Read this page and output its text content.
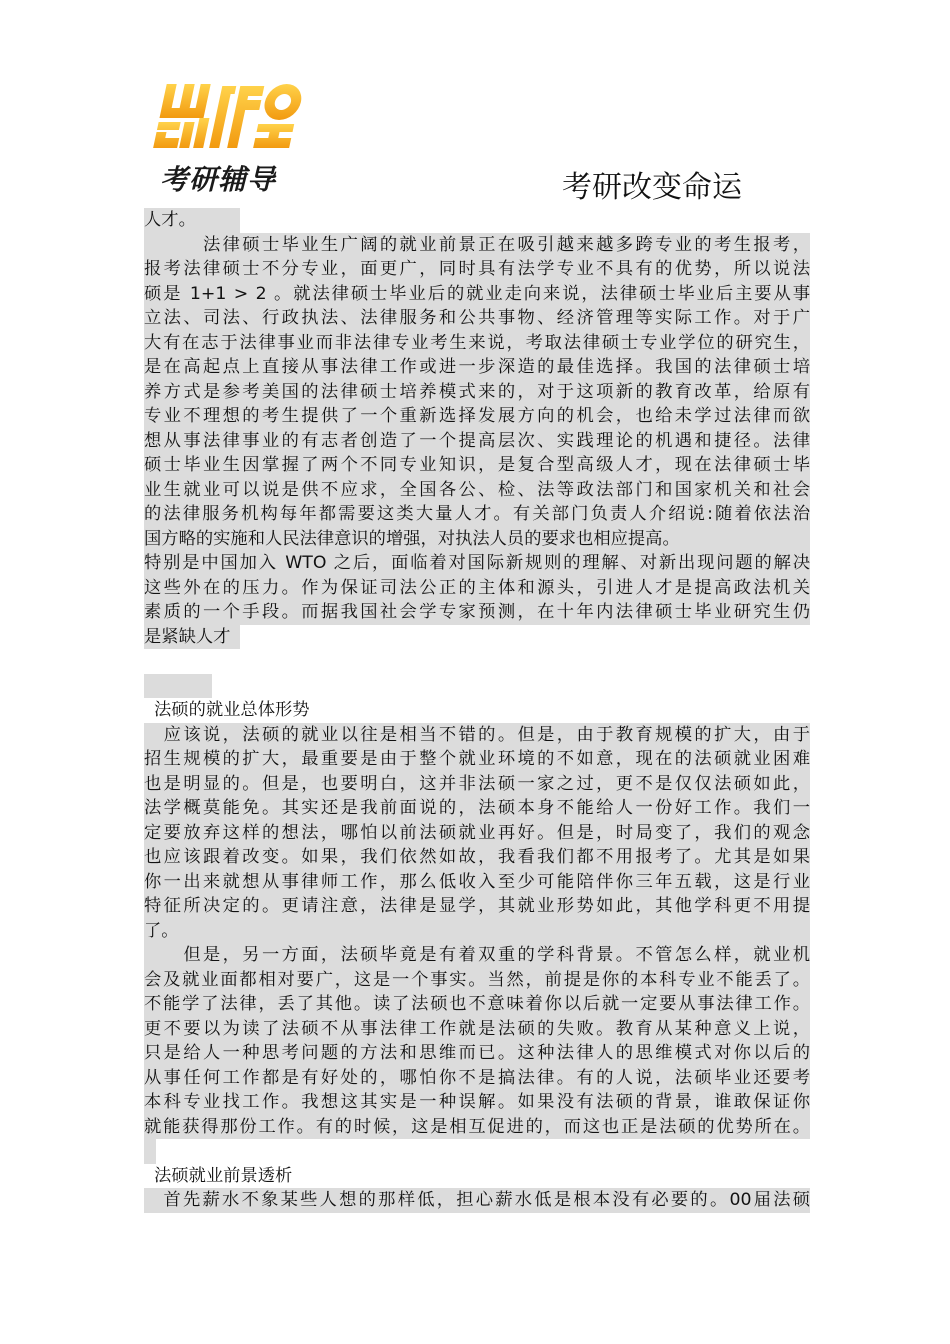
考研辅导	考研改变命运
人才。
　　　法律硕士毕业生广阔的就业前景正在吸引越来越多跨专业的考生报考，
报考法律硕士不分专业，面更广，同时具有法学专业不具有的优势，所以说法
硕是 1+1 > 2 。就法律硕士毕业后的就业走向来说，法律硕士毕业后主要从事
立法、司法、行政执法、法律服务和公共事物、经济管理等实际工作。对于广
大有在志于法律事业而非法律专业考生来说，考取法律硕士专业学位的研究生，
是在高起点上直接从事法律工作或进一步深造的最佳选择。我国的法律硕士培
养方式是参考美国的法律硕士培养模式来的，对于这项新的教育改革，给原有
专业不理想的考生提供了一个重新选择发展方向的机会，也给未学过法律而欲
想从事法律事业的有志者创造了一个提高层次、实践理论的机遇和捷径。法律
硕士毕业生因掌握了两个不同专业知识，是复合型高级人才，现在法律硕士毕
业生就业可以说是供不应求，全国各公、检、法等政法部门和国家机关和社会
的法律服务机构每年都需要这类大量人才。有关部门负责人介绍说:随着依法治
国方略的实施和人民法律意识的增强，对执法人员的要求也相应提高。
特别是中国加入 WTO 之后，面临着对国际新规则的理解、对新出现问题的解决
这些外在的压力。作为保证司法公正的主体和源头，引进人才是提高政法机关
素质的一个手段。而据我国社会学专家预测，在十年内法律硕士毕业研究生仍
是紧缺人才

法硕的就业总体形势
　应该说，法硕的就业以往是相当不错的。但是，由于教育规模的扩大，由于
招生规模的扩大，最重要是由于整个就业环境的不如意，现在的法硕就业困难
也是明显的。但是，也要明白，这并非法硕一家之过，更不是仅仅法硕如此，
法学概莫能免。其实还是我前面说的，法硕本身不能给人一份好工作。我们一
定要放弃这样的想法，哪怕以前法硕就业再好。但是，时局变了，我们的观念
也应该跟着改变。如果，我们依然如故，我看我们都不用报考了。尤其是如果
你一出来就想从事律师工作，那么低收入至少可能陪伴你三年五载，这是行业
特征所决定的。更请注意，法律是显学，其就业形势如此，其他学科更不用提
了。
　　但是，另一方面，法硕毕竟是有着双重的学科背景。不管怎么样，就业机
会及就业面都相对要广，这是一个事实。当然，前提是你的本科专业不能丢了。
不能学了法律，丢了其他。读了法硕也不意味着你以后就一定要从事法律工作。
更不要以为读了法硕不从事法律工作就是法硕的失败。教育从某种意义上说，
只是给人一种思考问题的方法和思维而已。这种法律人的思维模式对你以后的
从事任何工作都是有好处的，哪怕你不是搞法律。有的人说，法硕毕业还要考
本科专业找工作。我想这其实是一种误解。如果没有法硕的背景，谁敢保证你
就能获得那份工作。有的时候，这是相互促进的，而这也正是法硕的优势所在。

法硕就业前景透析
　首先薪水不象某些人想的那样低，担心薪水低是根本没有必要的。00届法硕
